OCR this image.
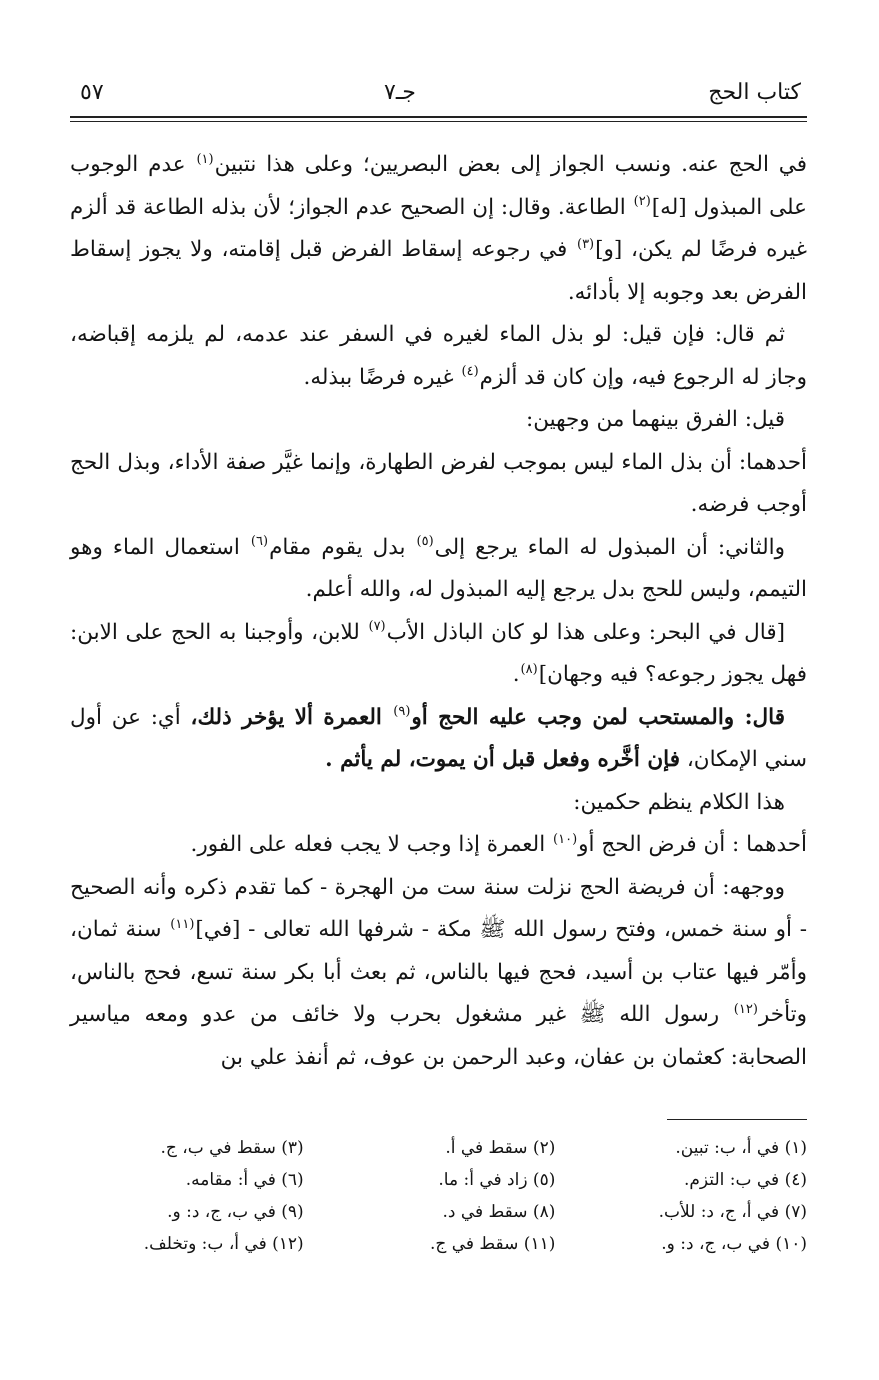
كتاب الحج
جـ٧
٥٧

في الحج عنه. ونسب الجواز إلى بعض البصريين؛ وعلى هذا نتبين$^{(١)}$ عدم الوجوب على المبذول [له]$^{(٢)}$ الطاعة. وقال: إن الصحيح عدم الجواز؛ لأن بذله الطاعة قد ألزم غيره فرضًا لم يكن، [و]$^{(٣)}$ في رجوعه إسقاط الفرض قبل إقامته، ولا يجوز إسقاط الفرض بعد وجوبه إلا بأدائه.

ثم قال: فإن قيل: لو بذل الماء لغيره في السفر عند عدمه، لم يلزمه إقباضه، وجاز له الرجوع فيه، وإن كان قد ألزم$^{(٤)}$ غيره فرضًا ببذله.

قيل: الفرق بينهما من وجهين:

أحدهما: أن بذل الماء ليس بموجب لفرض الطهارة، وإنما غيَّر صفة الأداء، وبذل الحج أوجب فرضه.

والثاني: أن المبذول له الماء يرجع إلى$^{(٥)}$ بدل يقوم مقام$^{(٦)}$ استعمال الماء وهو التيمم، وليس للحج بدل يرجع إليه المبذول له، والله أعلم.

[قال في البحر: وعلى هذا لو كان الباذل الأب$^{(٧)}$ للابن، وأوجبنا به الحج على الابن: فهل يجوز رجوعه؟ فيه وجهان]$^{(٨)}$.

قال: والمستحب لمن وجب عليه الحج أو$^{(٩)}$ العمرة ألا يؤخر ذلك، أي: عن أول سني الإمكان، فإن أخَّره وفعل قبل أن يموت، لم يأثم .

هذا الكلام ينظم حكمين:

أحدهما : أن فرض الحج أو$^{(١٠)}$ العمرة إذا وجب لا يجب فعله على الفور.

ووجهه: أن فريضة الحج نزلت سنة ست من الهجرة - كما تقدم ذكره وأنه الصحيح - أو سنة خمس، وفتح رسول الله ﷺ مكة - شرفها الله تعالى - [في]$^{(١١)}$ سنة ثمان، وأمّر فيها عتاب بن أسيد، فحج فيها بالناس، ثم بعث أبا بكر سنة تسع، فحج بالناس، وتأخر$^{(١٢)}$ رسول الله ﷺ غير مشغول بحرب ولا خائف من عدو ومعه مياسير الصحابة: كعثمان بن عفان، وعبد الرحمن بن عوف، ثم أنفذ علي بن

(١) في أ، ب: تبين.
(٢) سقط في أ.
(٣) سقط في ب، ج.
(٤) في ب: التزم.
(٥) زاد في أ: ما.
(٦) في أ: مقامه.
(٧) في أ، ج، د: للأب.
(٨) سقط في د.
(٩) في ب، ج، د: و.
(١٠) في ب، ج، د: و.
(١١) سقط في ج.
(١٢) في أ، ب: وتخلف.
